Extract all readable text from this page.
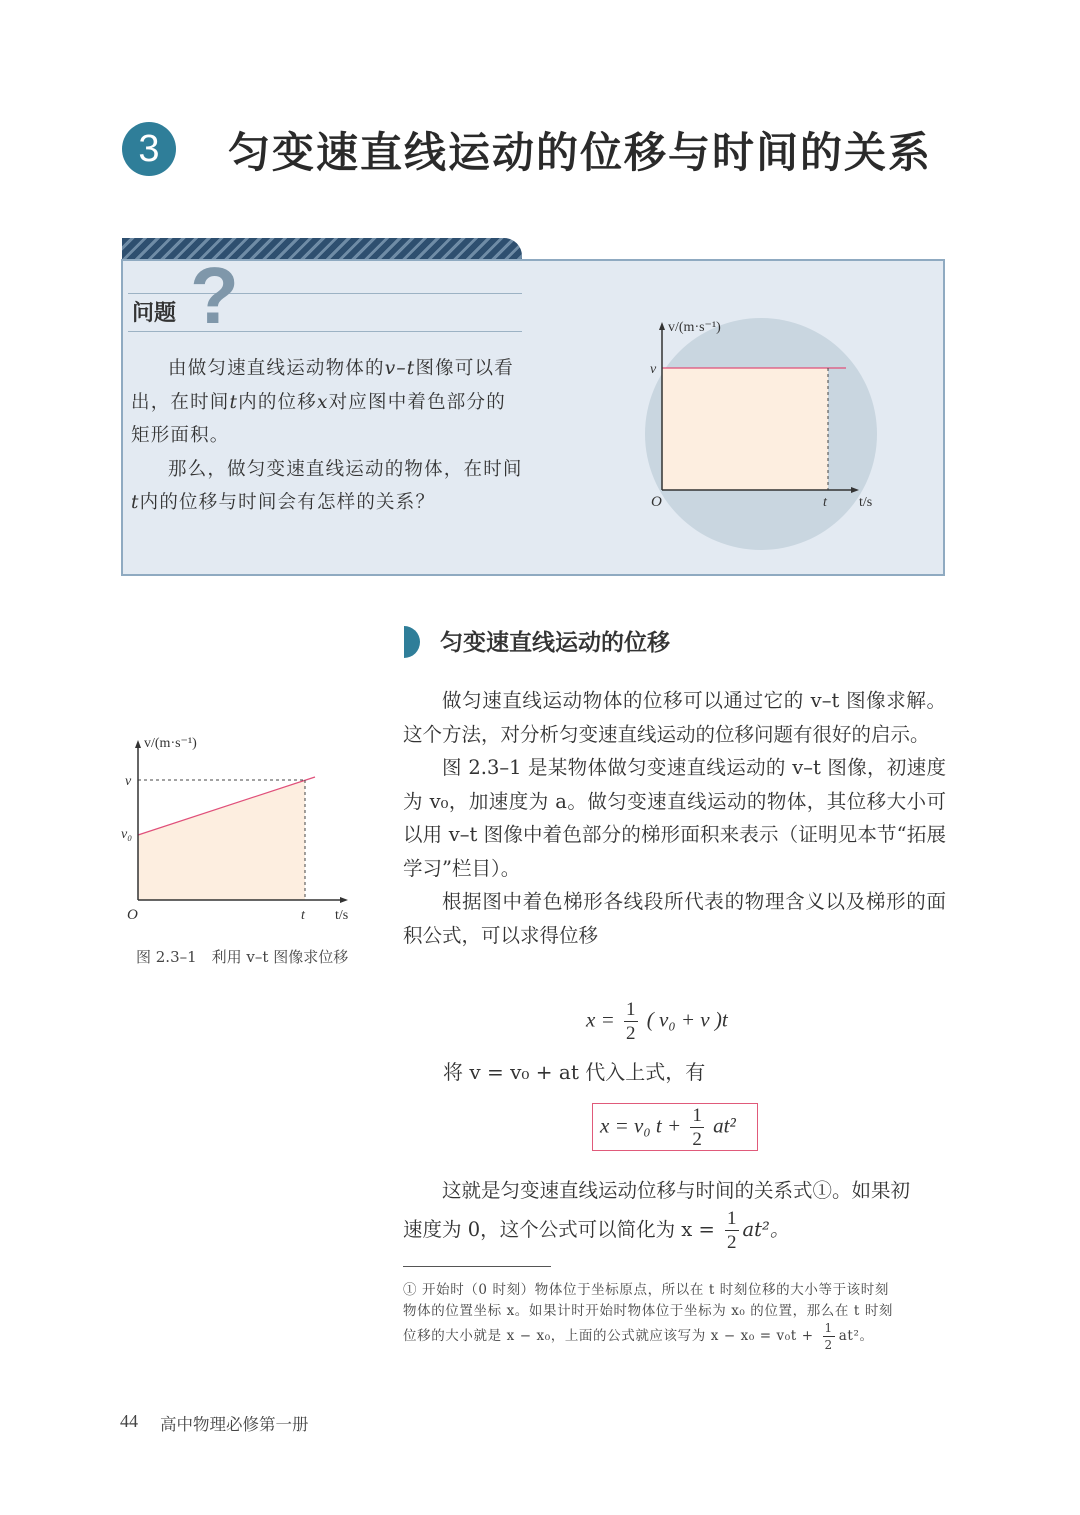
3	匀变速直线运动的位移与时间的关系
问题 ?

由做匀速直线运动物体的v–t图像可以看出，在时间t内的位移x对应图中着色部分的矩形面积。

那么，做匀变速直线运动的物体，在时间t内的位移与时间会有怎样的关系？

v/(m·s⁻¹)
v
O	t t/s
匀变速直线运动的位移
v/(m·s⁻¹)
v
v₀
O	t t/s
图 2.3–1　利用 v–t 图像求位移

做匀速直线运动物体的位移可以通过它的 v–t 图像求解。这个方法，对分析匀变速直线运动的位移问题有很好的启示。

图 2.3–1 是某物体做匀变速直线运动的 v–t 图像，初速度为 v₀，加速度为 a。做匀变速直线运动的物体，其位移大小可以用 v–t 图像中着色部分的梯形面积来表示（证明见本节“拓展学习”栏目）。

根据图中着色梯形各线段所代表的物理含义以及梯形的面积公式，可以求得位移

$x = \frac{1}{2}$ ( v₀ + v )t
将 v = v₀ + at 代入上式，有
x = v₀ $t + \frac{1}{2} at^2$

这就是匀变速直线运动位移与时间的关系式①。如果初

速度为 0，这个公式可以简化为 $x = \frac{1}{2} at^2$。

① 开始时（0 时刻）物体位于坐标原点，所以在 t 时刻位移的大小等于该时刻

物体的位置坐标 x。如果计时开始时物体位于坐标为 x₀ 的位置，那么在 t 时刻

位移的大小就是 x − x₀，上面的公式就应该写为 $x - x_0 = v_0t + \frac{1}{2} at^2$。

44 高中物理必修第一册
